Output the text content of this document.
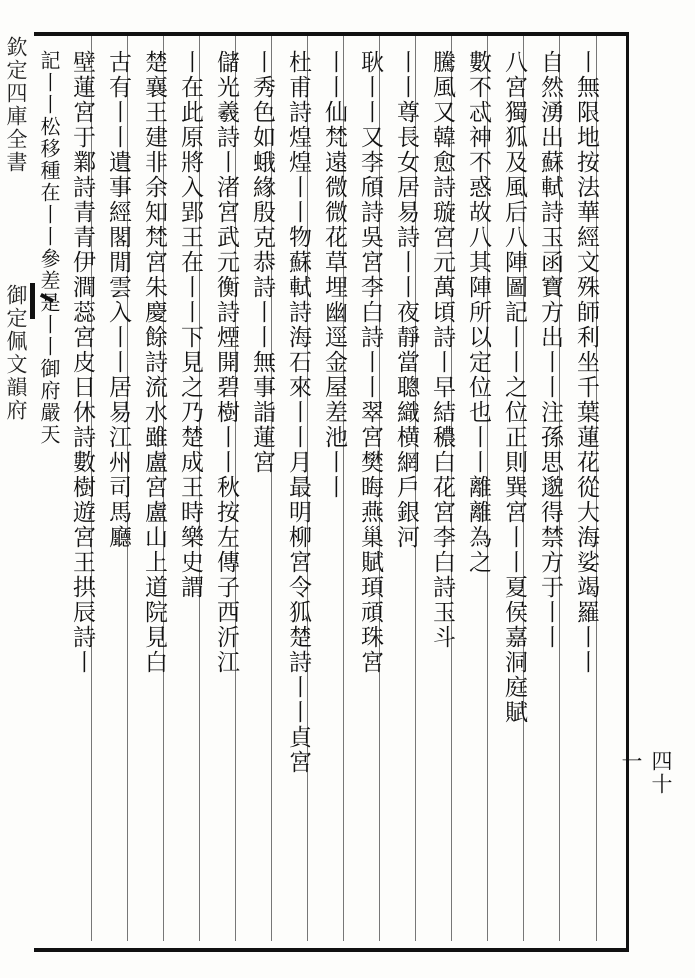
欽定四庫全書御定佩文韻府
四十一
丨無限地按法華經文殊師利坐千葉蓮花從大海娑竭羅丨丨
自然湧出蘇軾詩玉函寶方出丨丨注孫思邈得禁方于丨丨
八宮獨狐及風后八陣圖記丨丨之位正則巽宮丨丨夏侯嘉洞庭賦
數不忒神不惑故八其陣所以定位也丨丨離離為之
騰風又韓愈詩璇宮元萬頃詩丨早結穠白花宮李白詩玉斗
丨丨尊長女居易詩丨丨夜靜當聰織横網戶銀河
耿丨丨又李頎詩吳宮李白詩丨丨翠宮樊晦燕巢賦頊頑珠宮
丨丨仙梵遠微微花草埋幽逕金屋差池丨丨
杜甫詩煌煌丨丨物蘇軾詩海石來丨丨月最明柳宮令狐楚詩丨丨貞宮
丨秀色如蛾緣殷克恭詩丨丨無事詣蓮宮
儲光羲詩丨渚宮武元衡詩煙開碧樹丨丨秋按左傳子西沂江
丨在此原將入郢王在丨丨下見之乃楚成王時樂史謂
楚襄王建非余知梵宮朱慶餘詩流水雖盧宮盧山上道院見白
古有丨丨遺事經閣閒雲入丨丨居易江州司馬廳
壁蓮宮于鄴詩青青伊澗蕊宮皮日休詩數樹遊宮王拱辰詩丨
記丨丨松移種在丨丨參差是丨丨御府嚴天
